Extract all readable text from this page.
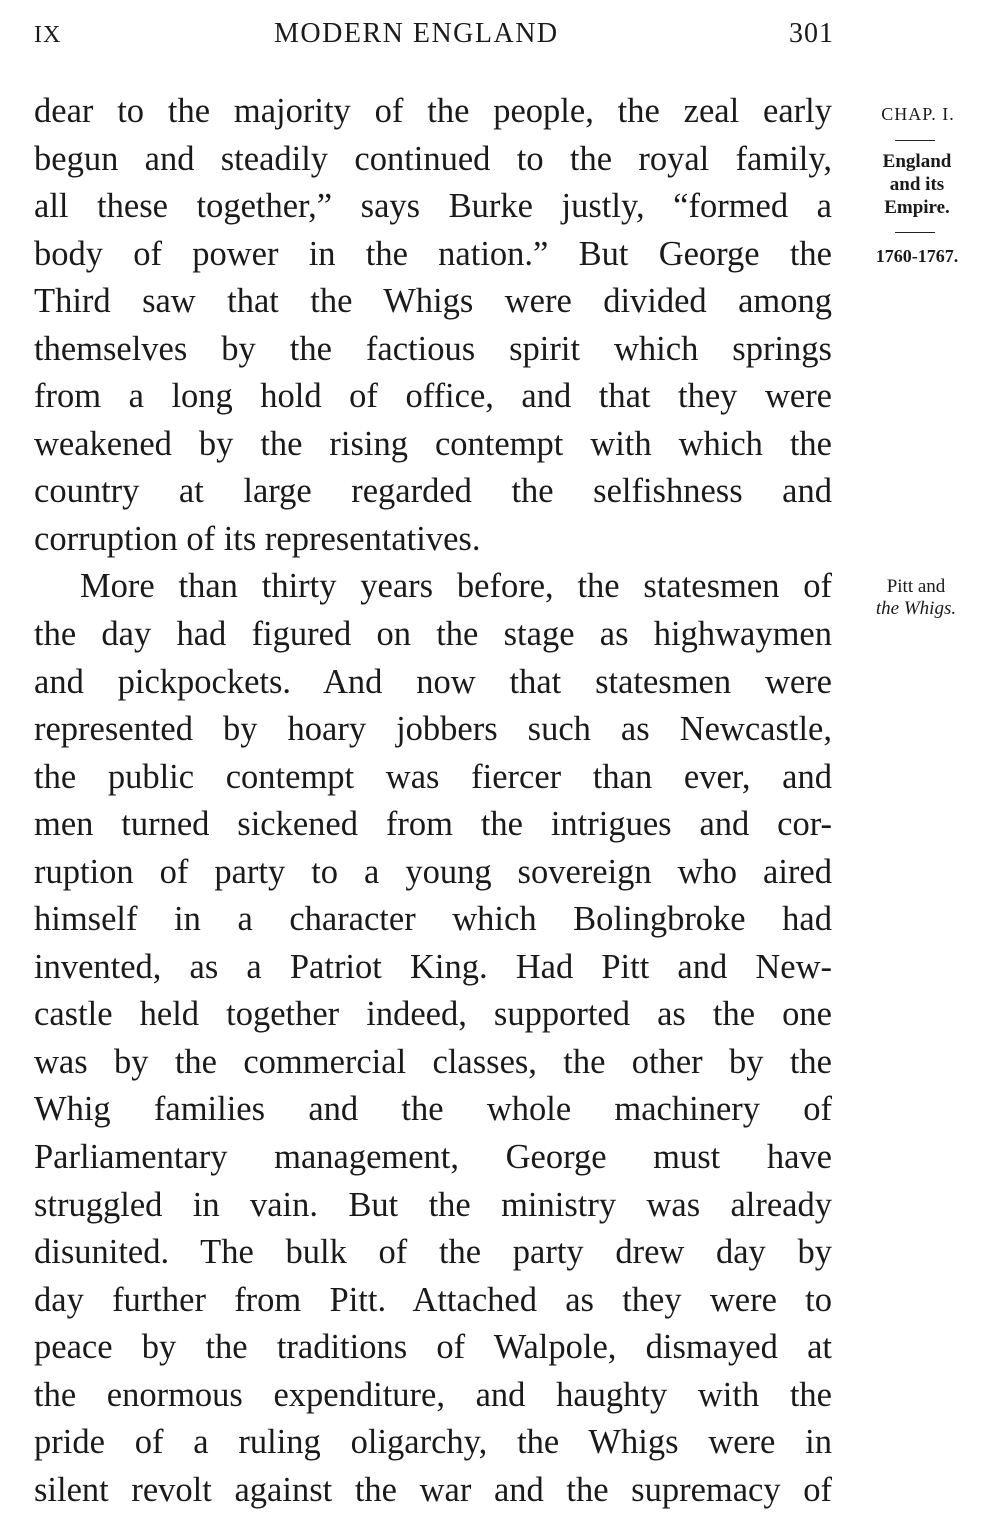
IX	MODERN ENGLAND	301
dear to the majority of the people, the zeal early
begun and steadily continued to the royal family,
all these together,” says Burke justly, “formed a
body of power in the nation.” But George the
Third saw that the Whigs were divided among
themselves by the factious spirit which springs
from a long hold of office, and that they were
weakened by the rising contempt with which the
country at large regarded the selfishness and
corruption of its representatives.
More than thirty years before, the statesmen of
the day had figured on the stage as highwaymen
and pickpockets. And now that statesmen were
represented by hoary jobbers such as Newcastle,
the public contempt was fiercer than ever, and
men turned sickened from the intrigues and cor-
ruption of party to a young sovereign who aired
himself in a character which Bolingbroke had
invented, as a Patriot King. Had Pitt and New-
castle held together indeed, supported as the one
was by the commercial classes, the other by the
Whig families and the whole machinery of
Parliamentary management, George must have
struggled in vain. But the ministry was already
disunited. The bulk of the party drew day by
day further from Pitt. Attached as they were to
peace by the traditions of Walpole, dismayed at
the enormous expenditure, and haughty with the
pride of a ruling oligarchy, the Whigs were in
silent revolt against the war and the supremacy of
CHAP. I.
England
and its
Empire.
1760-1767.
Pitt and
the Whigs.
